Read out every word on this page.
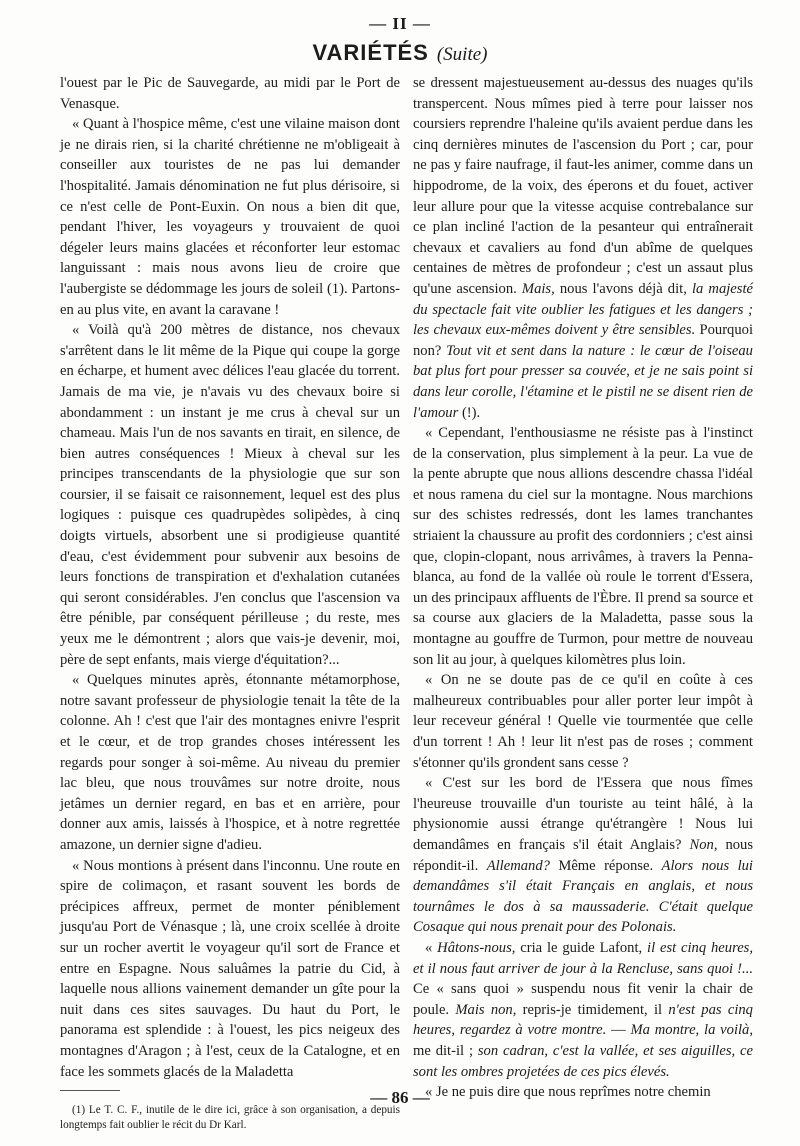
— II —
VARIÉTÉS (Suite)

l'ouest par le Pic de Sauvegarde, au midi par le Port de Venasque.

« Quant à l'hospice même, c'est une vilaine maison dont je ne dirais rien, si la charité chrétienne ne m'obligeait à conseiller aux touristes de ne pas lui demander l'hospitalité. Jamais dénomination ne fut plus dérisoire, si ce n'est celle de Pont-Euxin. On nous a bien dit que, pendant l'hiver, les voyageurs y trouvaient de quoi dégeler leurs mains glacées et réconforter leur estomac languissant : mais nous avons lieu de croire que l'aubergiste se dédommage les jours de soleil (1). Partons-en au plus vite, en avant la caravane !

« Voilà qu'à 200 mètres de distance, nos chevaux s'arrêtent dans le lit même de la Pique qui coupe la gorge en écharpe, et hument avec délices l'eau glacée du torrent. Jamais de ma vie, je n'avais vu des chevaux boire si abondamment : un instant je me crus à cheval sur un chameau. Mais l'un de nos savants en tirait, en silence, de bien autres conséquences ! Mieux à cheval sur les principes transcendants de la physiologie que sur son coursier, il se faisait ce raisonnement, lequel est des plus logiques : puisque ces quadrupèdes solipèdes, à cinq doigts virtuels, absorbent une si prodigieuse quantité d'eau, c'est évidemment pour subvenir aux besoins de leurs fonctions de transpiration et d'exhalation cutanées qui seront considérables. J'en conclus que l'ascension va être pénible, par conséquent périlleuse ; du reste, mes yeux me le démontrent ; alors que vais-je devenir, moi, père de sept enfants, mais vierge d'équitation?...

« Quelques minutes après, étonnante métamorphose, notre savant professeur de physiologie tenait la tête de la colonne. Ah ! c'est que l'air des montagnes enivre l'esprit et le cœur, et de trop grandes choses intéressent les regards pour songer à soi-même. Au niveau du premier lac bleu, que nous trouvâmes sur notre droite, nous jetâmes un dernier regard, en bas et en arrière, pour donner aux amis, laissés à l'hospice, et à notre regrettée amazone, un dernier signe d'adieu.

« Nous montions à présent dans l'inconnu. Une route en spire de colimaçon, et rasant souvent les bords de précipices affreux, permet de monter péniblement jusqu'au Port de Vénasque ; là, une croix scellée à droite sur un rocher avertit le voyageur qu'il sort de France et entre en Espagne. Nous saluâmes la patrie du Cid, à laquelle nous allions vainement demander un gîte pour la nuit dans ces sites sauvages. Du haut du Port, le panorama est splendide : à l'ouest, les pics neigeux des montagnes d'Aragon ; à l'est, ceux de la Catalogne, et en face les sommets glacés de la Maladetta

(1) Le T. C. F., inutile de le dire ici, grâce à son organisation, a depuis longtemps fait oublier le récit du Dr Karl.

se dressent majestueusement au-dessus des nuages qu'ils transpercent. Nous mîmes pied à terre pour laisser nos coursiers reprendre l'haleine qu'ils avaient perdue dans les cinq dernières minutes de l'ascension du Port ; car, pour ne pas y faire naufrage, il faut-les animer, comme dans un hippodrome, de la voix, des éperons et du fouet, activer leur allure pour que la vitesse acquise contrebalance sur ce plan incliné l'action de la pesanteur qui entraînerait chevaux et cavaliers au fond d'un abîme de quelques centaines de mètres de profondeur ; c'est un assaut plus qu'une ascension. Mais, nous l'avons déjà dit, la majesté du spectacle fait vite oublier les fatigues et les dangers ; les chevaux eux-mêmes doivent y être sensibles. Pourquoi non? Tout vit et sent dans la nature : le cœur de l'oiseau bat plus fort pour presser sa couvée, et je ne sais point si dans leur corolle, l'étamine et le pistil ne se disent rien de l'amour (!).

« Cependant, l'enthousiasme ne résiste pas à l'instinct de la conservation, plus simplement à la peur. La vue de la pente abrupte que nous allions descendre chassa l'idéal et nous ramena du ciel sur la montagne. Nous marchions sur des schistes redressés, dont les lames tranchantes striaient la chaussure au profit des cordonniers ; c'est ainsi que, clopin-clopant, nous arrivâmes, à travers la Penna-blanca, au fond de la vallée où roule le torrent d'Essera, un des principaux affluents de l'Èbre. Il prend sa source et sa course aux glaciers de la Maladetta, passe sous la montagne au gouffre de Turmon, pour mettre de nouveau son lit au jour, à quelques kilomètres plus loin.

« On ne se doute pas de ce qu'il en coûte à ces malheureux contribuables pour aller porter leur impôt à leur receveur général ! Quelle vie tourmentée que celle d'un torrent ! Ah ! leur lit n'est pas de roses ; comment s'étonner qu'ils grondent sans cesse ?

« C'est sur les bord de l'Essera que nous fîmes l'heureuse trouvaille d'un touriste au teint hâlé, à la physionomie aussi étrange qu'étrangère ! Nous lui demandâmes en français s'il était Anglais? Non, nous répondit-il. Allemand? Même réponse. Alors nous lui demandâmes s'il était Français en anglais, et nous tournâmes le dos à sa maussaderie. C'était quelque Cosaque qui nous prenait pour des Polonais.

« Hâtons-nous, cria le guide Lafont, il est cinq heures, et il nous faut arriver de jour à la Rencluse, sans quoi !... Ce « sans quoi » suspendu nous fit venir la chair de poule. Mais non, repris-je timidement, il n'est pas cinq heures, regardez à votre montre. — Ma montre, la voilà, me dit-il ; son cadran, c'est la vallée, et ses aiguilles, ce sont les ombres projetées de ces pics élevés.

« Je ne puis dire que nous reprîmes notre chemin

— 86 —
